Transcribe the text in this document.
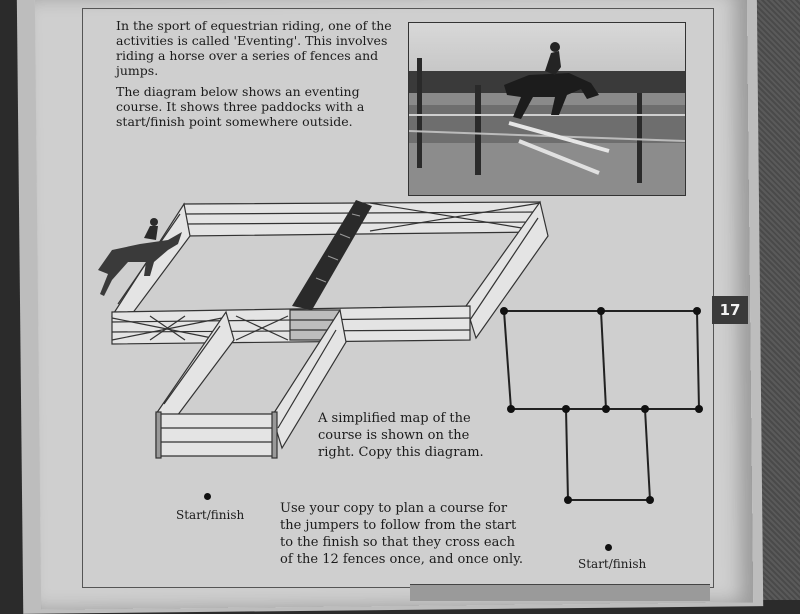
In the sport of equestrian riding, one of the activities is called 'Eventing'. This involves riding a horse over a series of fences and jumps.

The diagram below shows an eventing course. It shows three paddocks with a start/finish point somewhere outside.

A simplified map of the course is shown on the right. Copy this diagram.
Start/finish	Use your copy to plan a course for the jumpers to follow from the start to the finish so that they cross each of the 12 fences once, and once only.	Start/finish
17
